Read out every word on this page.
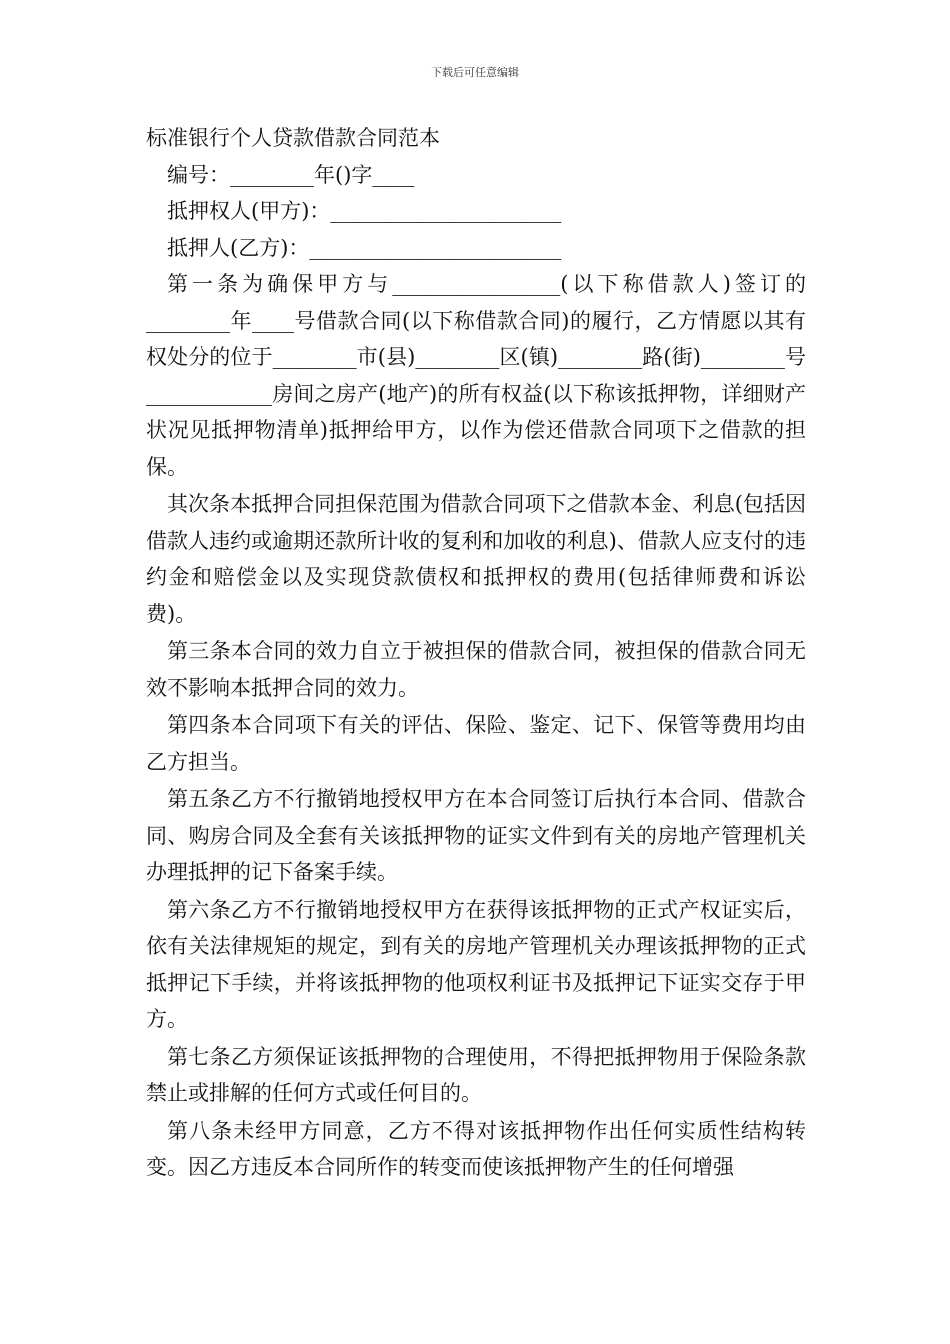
下载后可任意编辑
标准银行个人贷款借款合同范本
编号：________年()字____
抵押权人(甲方)：______________________
抵押人(乙方)：________________________
第一条为确保甲方与________________(以下称借款人)签订的________年____号借款合同(以下称借款合同)的履行，乙方情愿以其有权处分的位于________市(县)________区(镇)________路(街)________号____________房间之房产(地产)的所有权益(以下称该抵押物，详细财产状况见抵押物清单)抵押给甲方，以作为偿还借款合同项下之借款的担保。
其次条本抵押合同担保范围为借款合同项下之借款本金、利息(包括因借款人违约或逾期还款所计收的复利和加收的利息)、借款人应支付的违约金和赔偿金以及实现贷款债权和抵押权的费用(包括律师费和诉讼费)。
第三条本合同的效力自立于被担保的借款合同，被担保的借款合同无效不影响本抵押合同的效力。
第四条本合同项下有关的评估、保险、鉴定、记下、保管等费用均由乙方担当。
第五条乙方不行撤销地授权甲方在本合同签订后执行本合同、借款合同、购房合同及全套有关该抵押物的证实文件到有关的房地产管理机关办理抵押的记下备案手续。
第六条乙方不行撤销地授权甲方在获得该抵押物的正式产权证实后，依有关法律规矩的规定，到有关的房地产管理机关办理该抵押物的正式抵押记下手续，并将该抵押物的他项权利证书及抵押记下证实交存于甲方。
第七条乙方须保证该抵押物的合理使用，不得把抵押物用于保险条款禁止或排解的任何方式或任何目的。
第八条未经甲方同意，乙方不得对该抵押物作出任何实质性结构转变。因乙方违反本合同所作的转变而使该抵押物产生的任何增强
